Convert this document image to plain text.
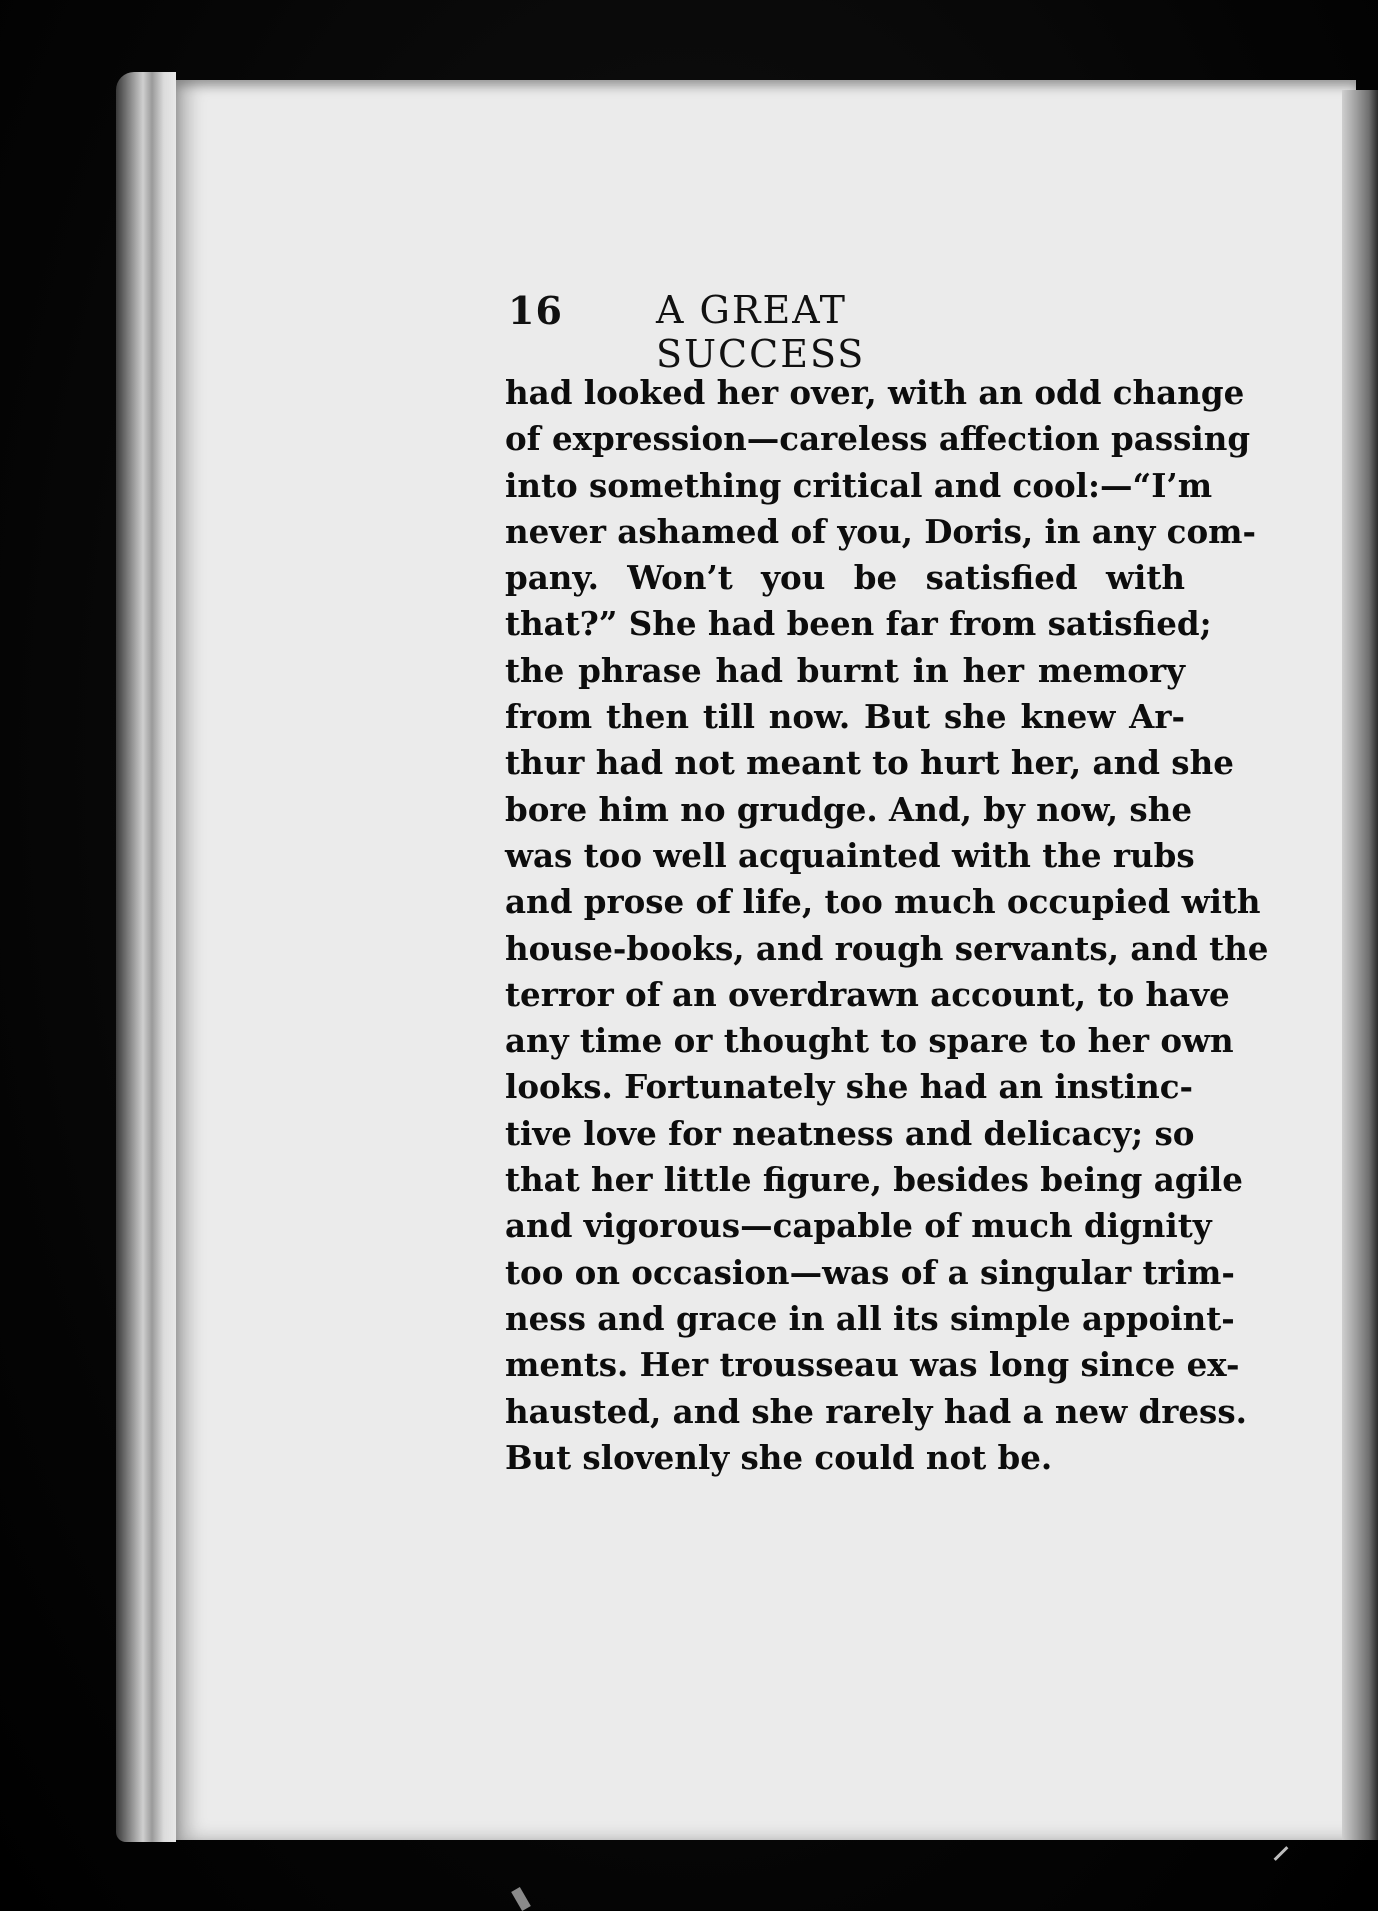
16 A GREAT SUCCESS
had looked her over, with an odd change
of expression—careless affection passing
into something critical and cool:—“I’m
never ashamed of you, Doris, in any com-
pany. Won’t you be satisfied with
that?” She had been far from satisfied;
the phrase had burnt in her memory
from then till now. But she knew Ar-
thur had not meant to hurt her, and she
bore him no grudge. And, by now, she
was too well acquainted with the rubs
and prose of life, too much occupied with
house-books, and rough servants, and the
terror of an overdrawn account, to have
any time or thought to spare to her own
looks. Fortunately she had an instinc-
tive love for neatness and delicacy; so
that her little figure, besides being agile
and vigorous—capable of much dignity
too on occasion—was of a singular trim-
ness and grace in all its simple appoint-
ments. Her trousseau was long since ex-
hausted, and she rarely had a new dress.
But slovenly she could not be.
